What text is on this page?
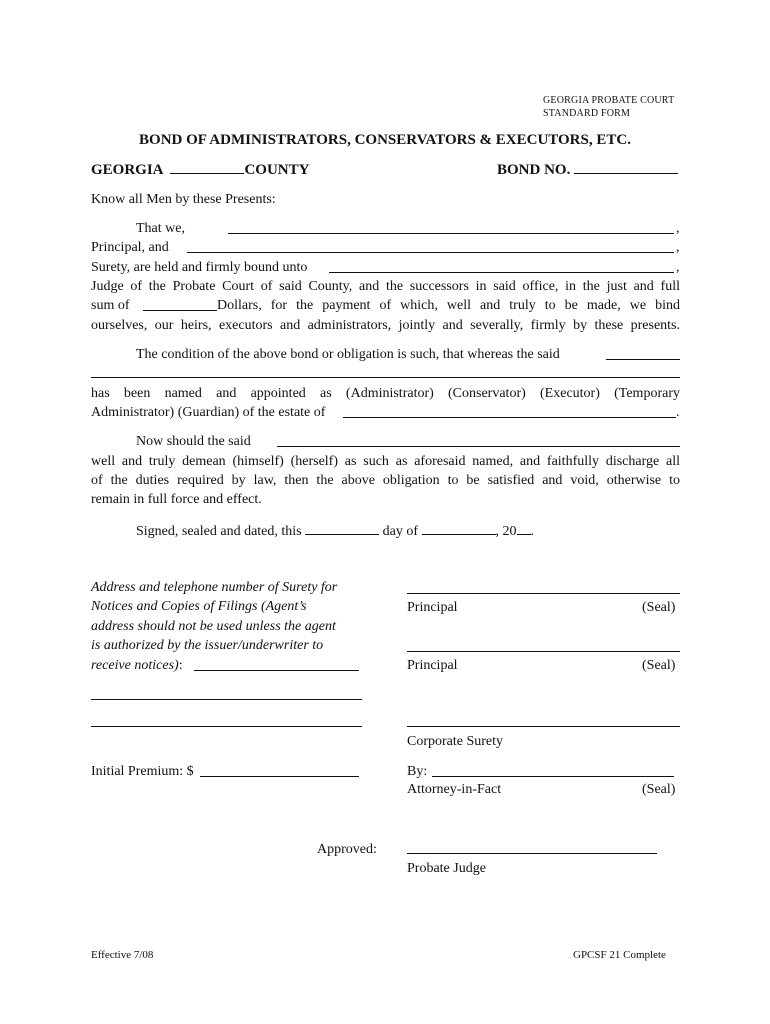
GEORGIA PROBATE COURT
STANDARD FORM
BOND OF ADMINISTRATORS, CONSERVATORS & EXECUTORS, ETC.
GEORGIA	COUNTY	BOND NO.
Know all Men by these Presents:
That we,	,
Principal, and	,
Surety, are held and firmly bound unto	,
Judge of the Probate Court of said County, and the successors in said office, in the just and full
sum of	Dollars, for the payment of which, well and truly to be made, we bind
ourselves, our heirs, executors and administrators, jointly and severally, firmly by these presents.
The condition of the above bond or obligation is such, that whereas the said
has been named and appointed as (Administrator) (Conservator) (Executor) (Temporary
Administrator) (Guardian) of the estate of	.
Now should the said
well and truly demean (himself) (herself) as such as aforesaid named, and faithfully discharge all
of the duties required by law, then the above obligation to be satisfied and void, otherwise to
remain in full force and effect.
Signed, sealed and dated, this	day of	, 20 .
Address and telephone number of Surety for
Notices and Copies of Filings (Agent’s
address should not be used unless the agent
is authorized by the issuer/underwriter to
receive notices):
Initial Premium: $
Principal	(Seal)
Principal	(Seal)
Corporate Surety
By:
Attorney-in-Fact	(Seal)
Approved:
Probate Judge
Effective 7/08	GPCSF 21 Complete
